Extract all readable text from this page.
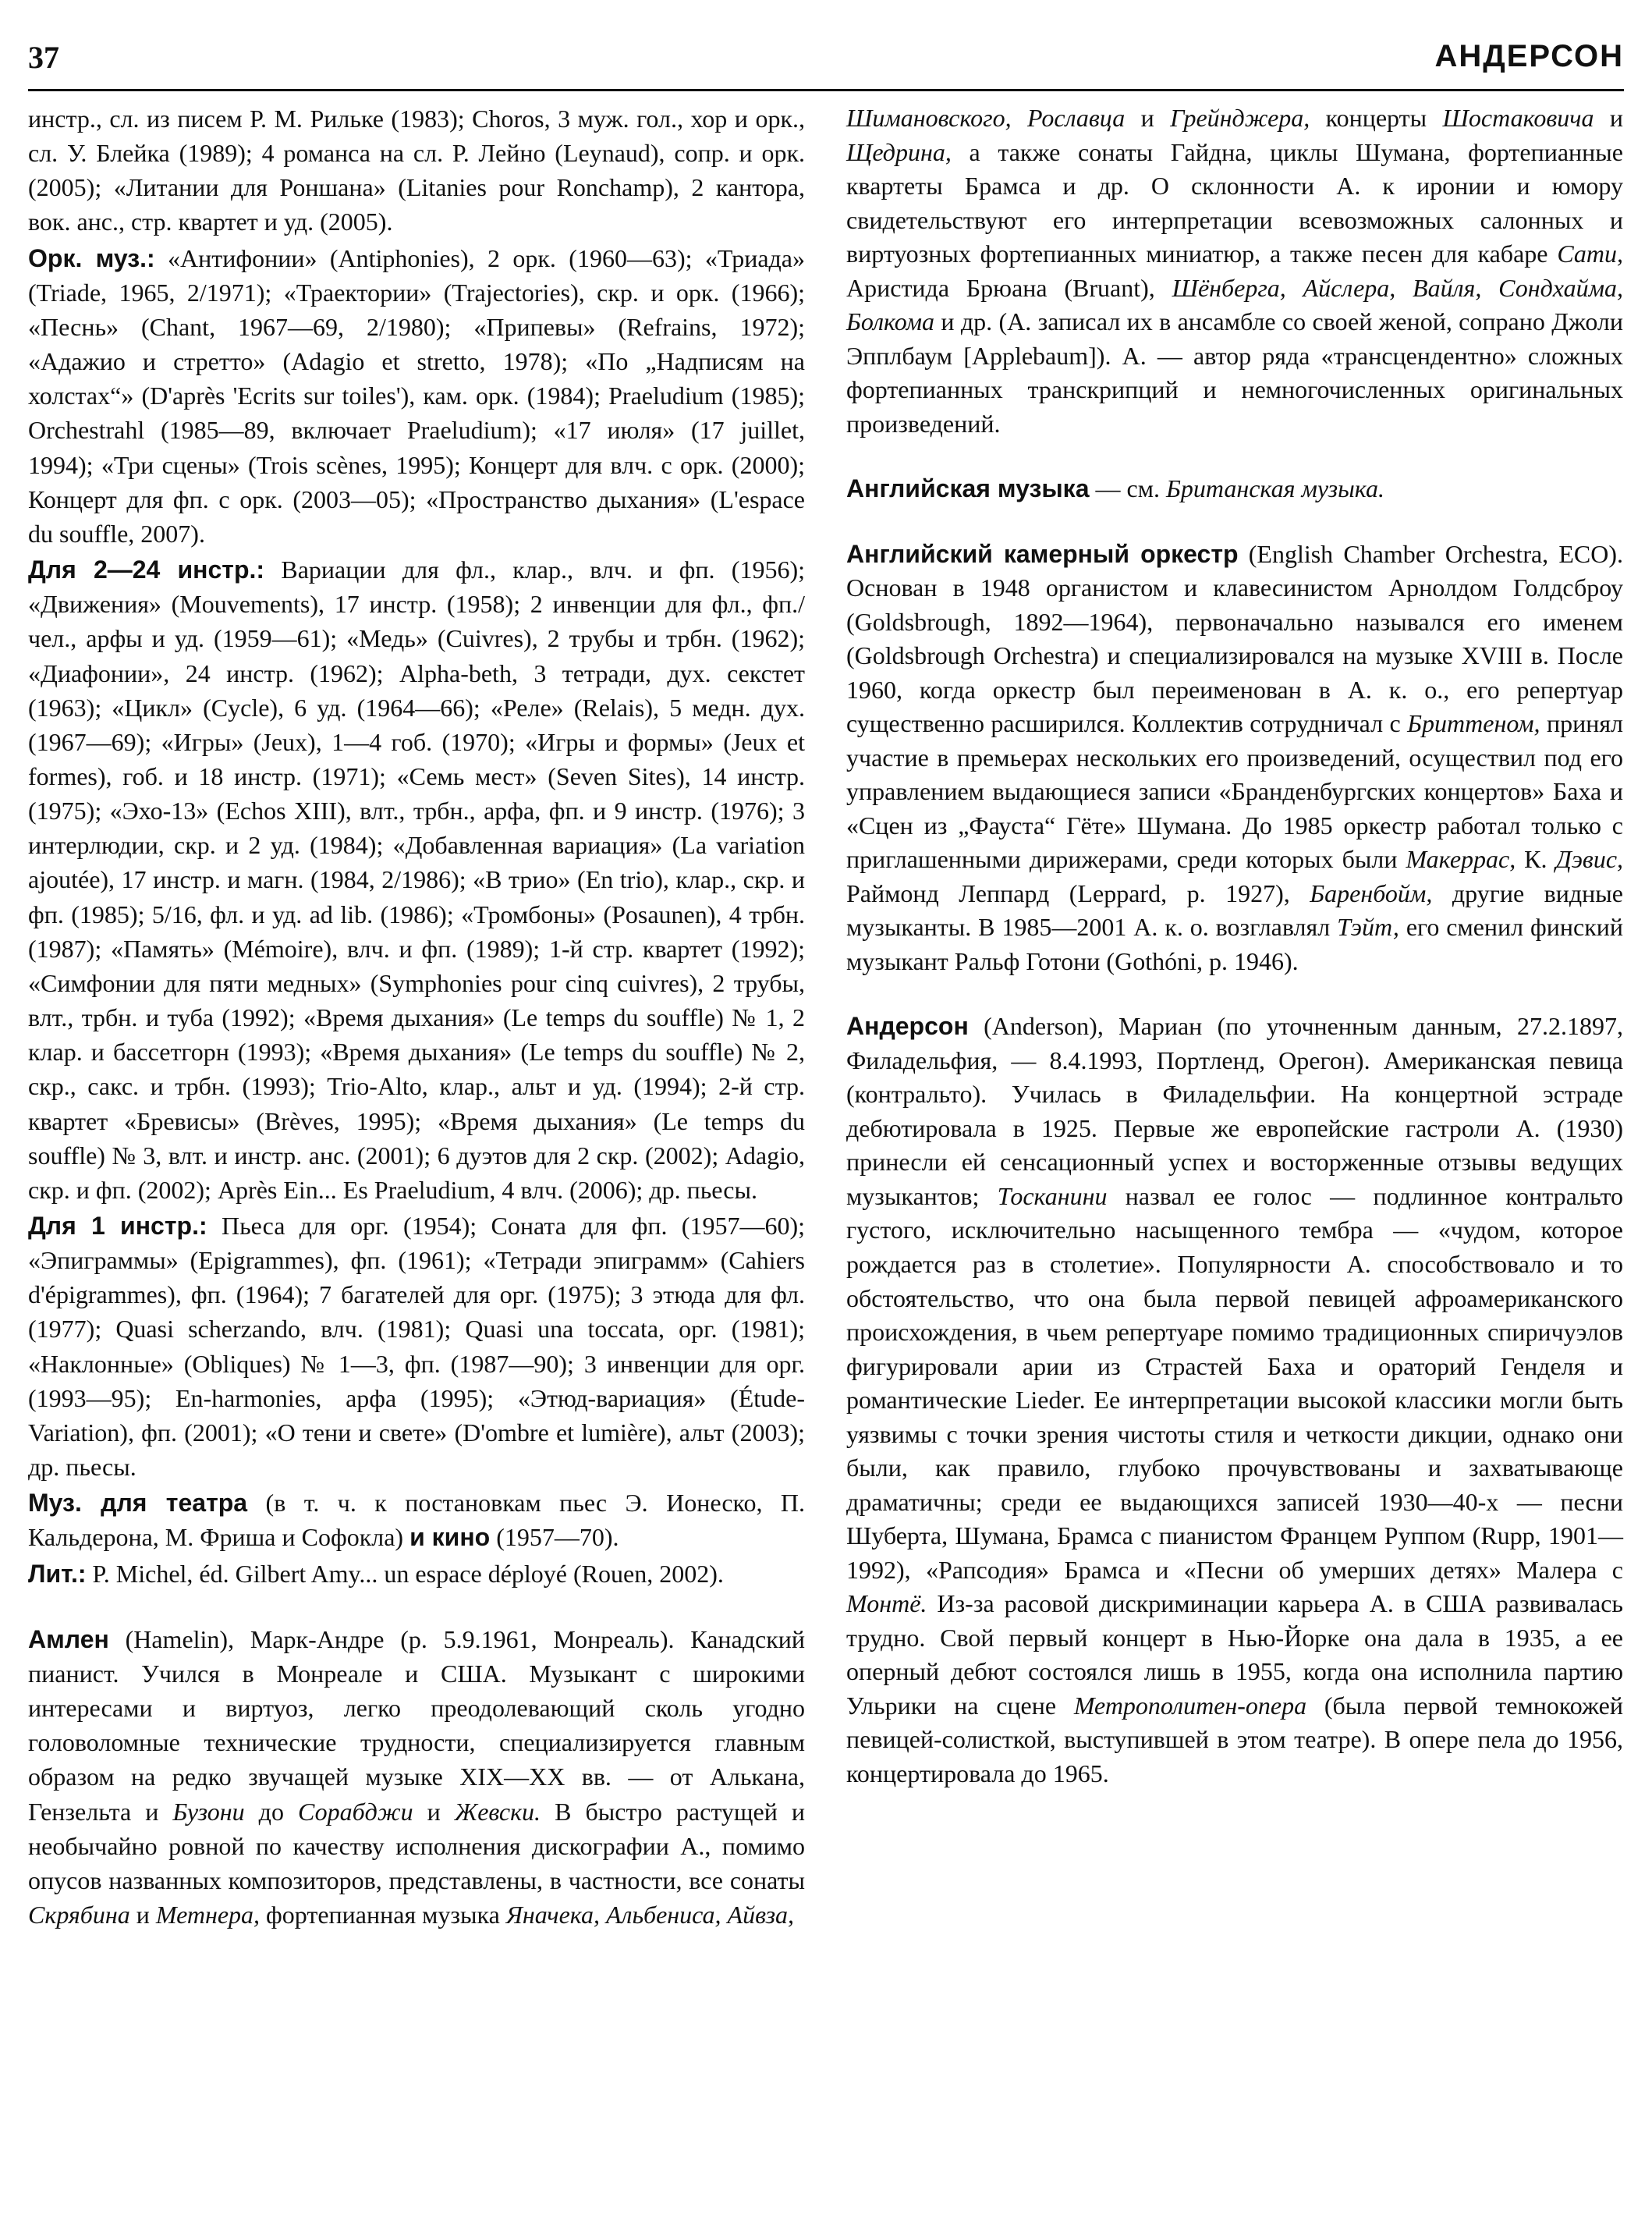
37	АНДЕРСОН

инстр., сл. из писем Р. М. Рильке (1983); Choros, 3 муж. гол., хор и орк., сл. У. Блейка (1989); 4 романса на сл. Р. Лейно (Leynaud), сопр. и орк. (2005); «Литании для Роншана» (Litanies pour Ronchamp), 2 кантора, вок. анс., стр. квартет и уд. (2005).

Орк. муз.: «Антифонии» (Antiphonies), 2 орк. (1960—63); «Триада» (Triade, 1965, 2/1971); «Траектории» (Trajectories), скр. и орк. (1966); «Песнь» (Chant, 1967—69, 2/1980); «Припевы» (Refrains, 1972); «Адажио и стретто» (Adagio et stretto, 1978); «По „Надписям на холстах“» (D'après 'Ecrits sur toiles'), кам. орк. (1984); Praeludium (1985); Orchestrahl (1985—89, включает Praeludium); «17 июля» (17 juillet, 1994); «Три сцены» (Trois scènes, 1995); Концерт для влч. с орк. (2000); Концерт для фп. с орк. (2003—05); «Пространство дыхания» (L'espace du souffle, 2007).

Для 2—24 инстр.: Вариации для фл., клар., влч. и фп. (1956); «Движения» (Mouvements), 17 инстр. (1958); 2 инвенции для фл., фп./чел., арфы и уд. (1959—61); «Медь» (Cuivres), 2 трубы и трбн. (1962); «Диафонии», 24 инстр. (1962); Alpha-beth, 3 тетради, дух. секстет (1963); «Цикл» (Cycle), 6 уд. (1964—66); «Реле» (Relais), 5 медн. дух. (1967—69); «Игры» (Jeux), 1—4 гоб. (1970); «Игры и формы» (Jeux et formes), гоб. и 18 инстр. (1971); «Семь мест» (Seven Sites), 14 инстр. (1975); «Эхо-13» (Echos XIII), влт., трбн., арфа, фп. и 9 инстр. (1976); 3 интерлюдии, скр. и 2 уд. (1984); «Добавленная вариация» (La variation ajoutée), 17 инстр. и магн. (1984, 2/1986); «В трио» (En trio), клар., скр. и фп. (1985); 5/16, фл. и уд. ad lib. (1986); «Тромбоны» (Posaunen), 4 трбн. (1987); «Память» (Mémoire), влч. и фп. (1989); 1-й стр. квартет (1992); «Симфонии для пяти медных» (Symphonies pour cinq cuivres), 2 трубы, влт., трбн. и туба (1992); «Время дыхания» (Le temps du souffle) № 1, 2 клар. и бассетгорн (1993); «Время дыхания» (Le temps du souffle) № 2, скр., сакс. и трбн. (1993); Trio-Alto, клар., альт и уд. (1994); 2-й стр. квартет «Бревисы» (Brèves, 1995); «Время дыхания» (Le temps du souffle) № 3, влт. и инстр. анс. (2001); 6 дуэтов для 2 скр. (2002); Adagio, скр. и фп. (2002); Après Ein... Es Praeludium, 4 влч. (2006); др. пьесы.

Для 1 инстр.: Пьеса для орг. (1954); Соната для фп. (1957—60); «Эпиграммы» (Epigrammes), фп. (1961); «Тетради эпиграмм» (Cahiers d'épigrammes), фп. (1964); 7 багателей для орг. (1975); 3 этюда для фл. (1977); Quasi scherzando, влч. (1981); Quasi una toccata, орг. (1981); «Наклонные» (Obliques) № 1—3, фп. (1987—90); 3 инвенции для орг. (1993—95); En-harmonies, арфа (1995); «Этюд-вариация» (Étude-Variation), фп. (2001); «О тени и свете» (D'ombre et lumière), альт (2003); др. пьесы.

Муз. для театра (в т. ч. к постановкам пьес Э. Ионеско, П. Кальдерона, М. Фриша и Софокла) и кино (1957—70).

Лит.: P. Michel, éd. Gilbert Amy... un espace déployé (Rouen, 2002).

Амлен (Hamelin), Марк-Андре (р. 5.9.1961, Монреаль). Канадский пианист. Учился в Монреале и США. Музыкант с широкими интересами и виртуоз, легко преодолевающий сколь угодно головоломные технические трудности, специализируется главным образом на редко звучащей музыке XIX—XX вв. — от Алькана, Гензельта и Бузони до Сорабджи и Жевски. В быстро растущей и необычайно ровной по качеству исполнения дискографии А., помимо опусов названных композиторов, представлены, в частности, все сонаты Скрябина и Метнера, фортепианная музыка Яначека, Альбениса, Айвза,

Шимановского, Рославца и Грейнджера, концерты Шостаковича и Щедрина, а также сонаты Гайдна, циклы Шумана, фортепианные квартеты Брамса и др. О склонности А. к иронии и юмору свидетельствуют его интерпретации всевозможных салонных и виртуозных фортепианных миниатюр, а также песен для кабаре Сати, Аристида Брюана (Bruant), Шёнберга, Айслера, Вайля, Сондхайма, Болкома и др. (А. записал их в ансамбле со своей женой, сопрано Джоли Эпплбаум [Applebaum]). А. — автор ряда «трансцендентно» сложных фортепианных транскрипций и немногочисленных оригинальных произведений.

Английская музыка — см. Британская музыка.

Английский камерный оркестр (English Chamber Orchestra, ECO). Основан в 1948 органистом и клавесинистом Арнолдом Голдсброу (Goldsbrough, 1892—1964), первоначально назывался его именем (Goldsbrough Orchestra) и специализировался на музыке XVIII в. После 1960, когда оркестр был переименован в А. к. о., его репертуар существенно расширился. Коллектив сотрудничал с Бриттеном, принял участие в премьерах нескольких его произведений, осуществил под его управлением выдающиеся записи «Бранденбургских концертов» Баха и «Сцен из „Фауста“ Гёте» Шумана. До 1985 оркестр работал только с приглашенными дирижерами, среди которых были Макеррас, К. Дэвис, Раймонд Леппард (Leppard, р. 1927), Баренбойм, другие видные музыканты. В 1985—2001 А. к. о. возглавлял Тэйт, его сменил финский музыкант Ральф Готони (Gothóni, р. 1946).

Андерсон (Anderson), Мариан (по уточненным данным, 27.2.1897, Филадельфия, — 8.4.1993, Портленд, Орегон). Американская певица (контральто). Училась в Филадельфии. На концертной эстраде дебютировала в 1925. Первые же европейские гастроли А. (1930) принесли ей сенсационный успех и восторженные отзывы ведущих музыкантов; Тосканини назвал ее голос — подлинное контральто густого, исключительно насыщенного тембра — «чудом, которое рождается раз в столетие». Популярности А. способствовало и то обстоятельство, что она была первой певицей афроамериканского происхождения, в чьем репертуаре помимо традиционных спиричуэлов фигурировали арии из Страстей Баха и ораторий Генделя и романтические Lieder. Ее интерпретации высокой классики могли быть уязвимы с точки зрения чистоты стиля и четкости дикции, однако они были, как правило, глубоко прочувствованы и захватывающе драматичны; среди ее выдающихся записей 1930—40-х — песни Шуберта, Шумана, Брамса с пианистом Францем Руппом (Rupp, 1901—1992), «Рапсодия» Брамса и «Песни об умерших детях» Малера с Монтё. Из-за расовой дискриминации карьера А. в США развивалась трудно. Свой первый концерт в Нью-Йорке она дала в 1935, а ее оперный дебют состоялся лишь в 1955, когда она исполнила партию Ульрики на сцене Метрополитен-опера (была первой темнокожей певицей-солисткой, выступившей в этом театре). В опере пела до 1956, концертировала до 1965.
